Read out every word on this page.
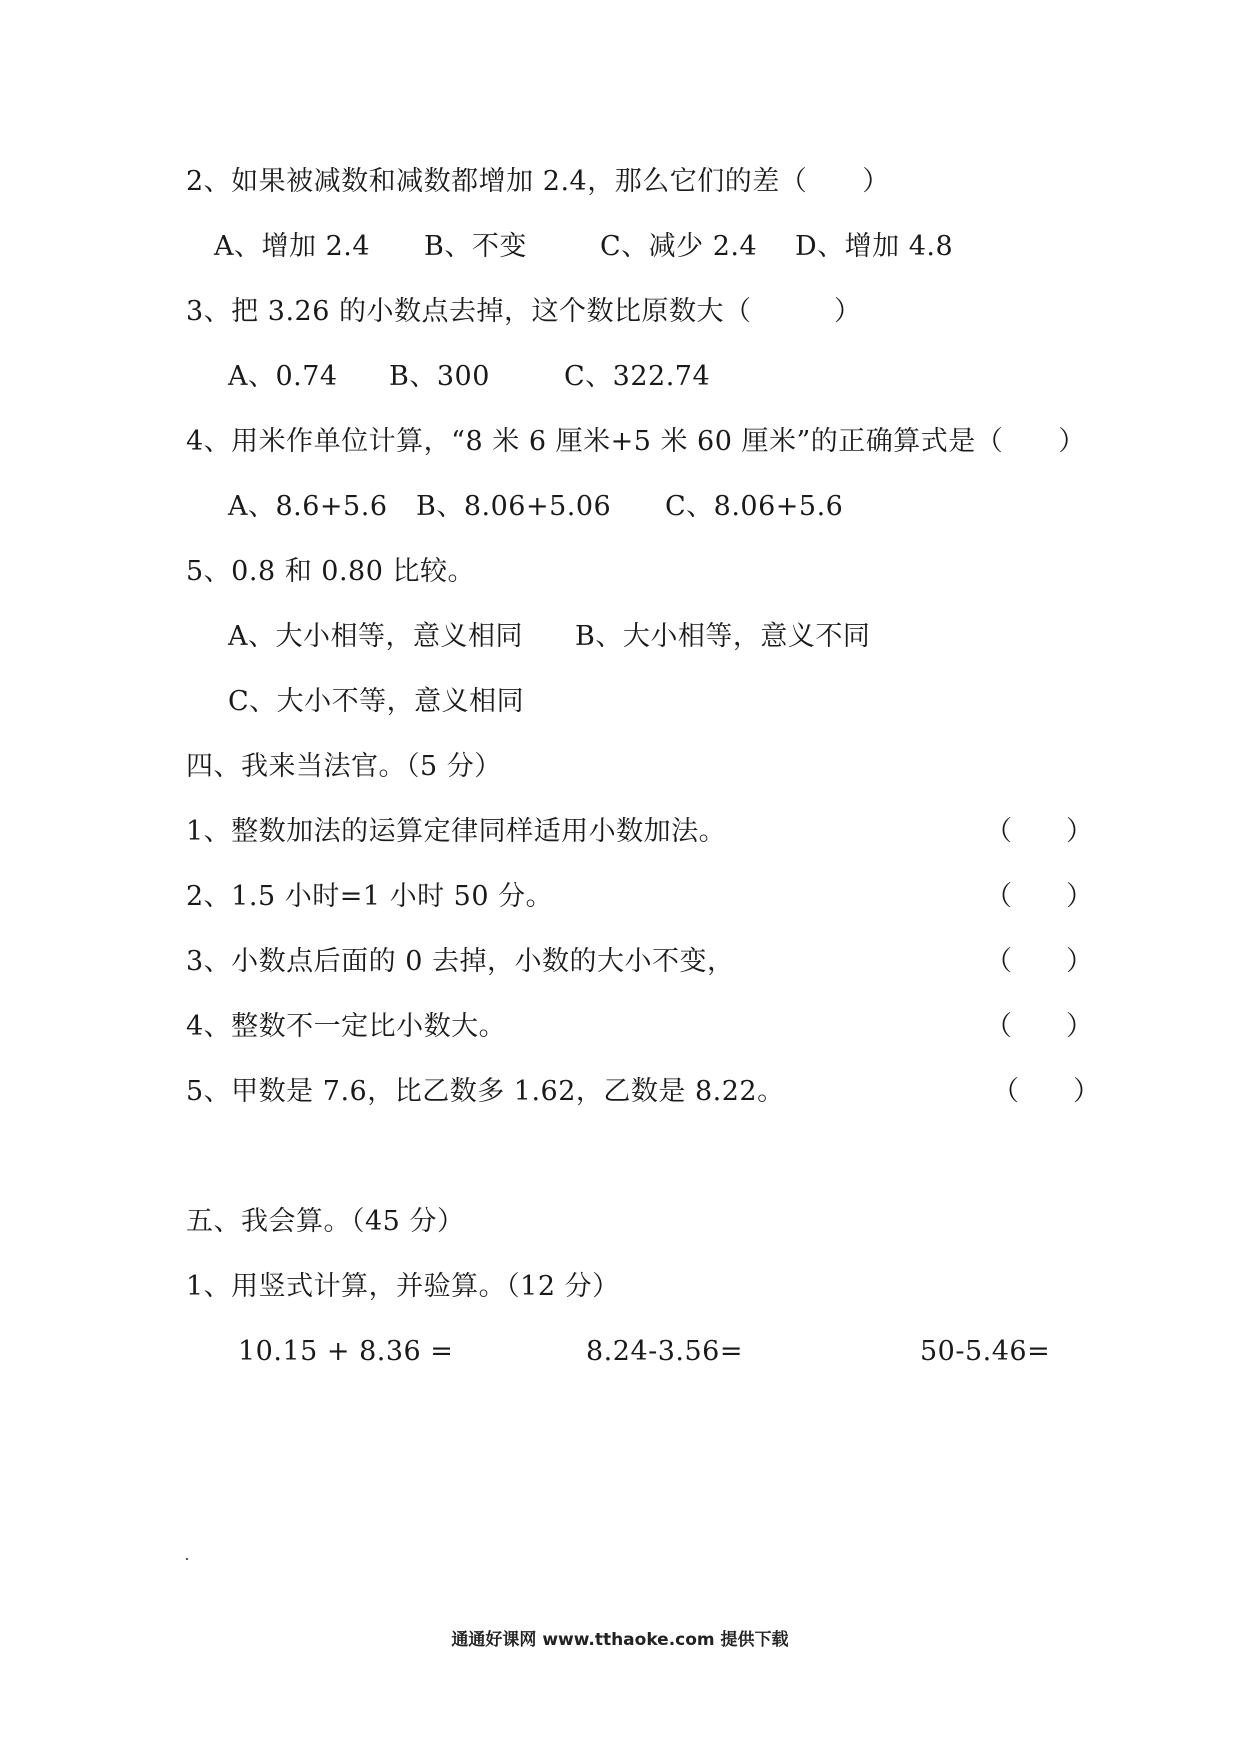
2、如果被减数和减数都增加 2.4，那么它们的差（　　）
A、增加 2.4 B、不变	C、减少 2.4 D、增加 4.8
3、把 3.26 的小数点去掉，这个数比原数大（　　　）
A、0.74 B、300	C、322.74
4、用米作单位计算，“8 米 6 厘米+5 米 60 厘米”的正确算式是（　　）
A、8.6+5.6 B、8.06+5.06 C、8.06+5.6
5、0.8 和 0.80 比较。
A、大小相等，意义相同 B、大小相等，意义不同
C、大小不等，意义相同
四、我来当法官。（5 分）
1、整数加法的运算定律同样适用小数加法。	（　　）
2、1.5 小时=1 小时 50 分。	（　　）
3、小数点后面的 0 去掉，小数的大小不变，	（　　）
4、整数不一定比小数大。	（　　）
5、甲数是 7.6，比乙数多 1.62，乙数是 8.22。	（　　）
五、我会算。（45 分）
1、用竖式计算，并验算。（12 分）
10.15 + 8.36 =	8.24-3.56=	50-5.46=
通通好课网 www.tthaoke.com 提供下载
